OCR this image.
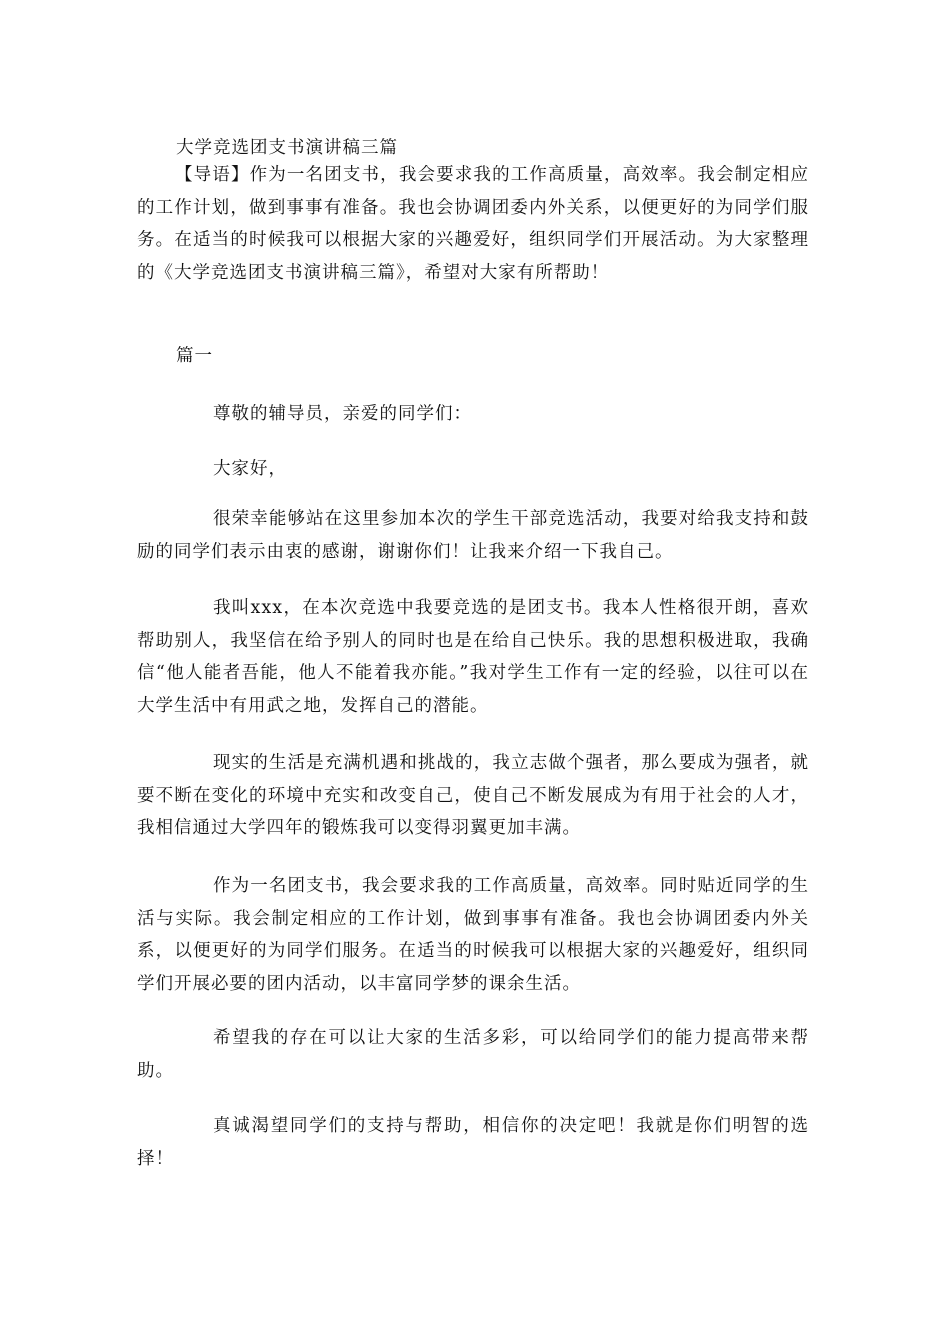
大学竞选团支书演讲稿三篇

【导语】作为一名团支书，我会要求我的工作高质量，高效率。我会制定相应的工作计划，做到事事有准备。我也会协调团委内外关系，以便更好的为同学们服务。在适当的时候我可以根据大家的兴趣爱好，组织同学们开展活动。为大家整理的《大学竞选团支书演讲稿三篇》，希望对大家有所帮助！

篇一

尊敬的辅导员，亲爱的同学们：

大家好，

很荣幸能够站在这里参加本次的学生干部竞选活动，我要对给我支持和鼓励的同学们表示由衷的感谢，谢谢你们！让我来介绍一下我自己。

我叫xxx，在本次竞选中我要竞选的是团支书。我本人性格很开朗，喜欢帮助别人，我坚信在给予别人的同时也是在给自己快乐。我的思想积极进取，我确信“他人能者吾能，他人不能着我亦能。”我对学生工作有一定的经验，以往可以在大学生活中有用武之地，发挥自己的潜能。

现实的生活是充满机遇和挑战的，我立志做个强者，那么要成为强者，就要不断在变化的环境中充实和改变自己，使自己不断发展成为有用于社会的人才，我相信通过大学四年的锻炼我可以变得羽翼更加丰满。

作为一名团支书，我会要求我的工作高质量，高效率。同时贴近同学的生活与实际。我会制定相应的工作计划，做到事事有准备。我也会协调团委内外关系，以便更好的为同学们服务。在适当的时候我可以根据大家的兴趣爱好，组织同学们开展必要的团内活动，以丰富同学梦的课余生活。

希望我的存在可以让大家的生活多彩，可以给同学们的能力提高带来帮助。

真诚渴望同学们的支持与帮助，相信你的决定吧！我就是你们明智的选择！
